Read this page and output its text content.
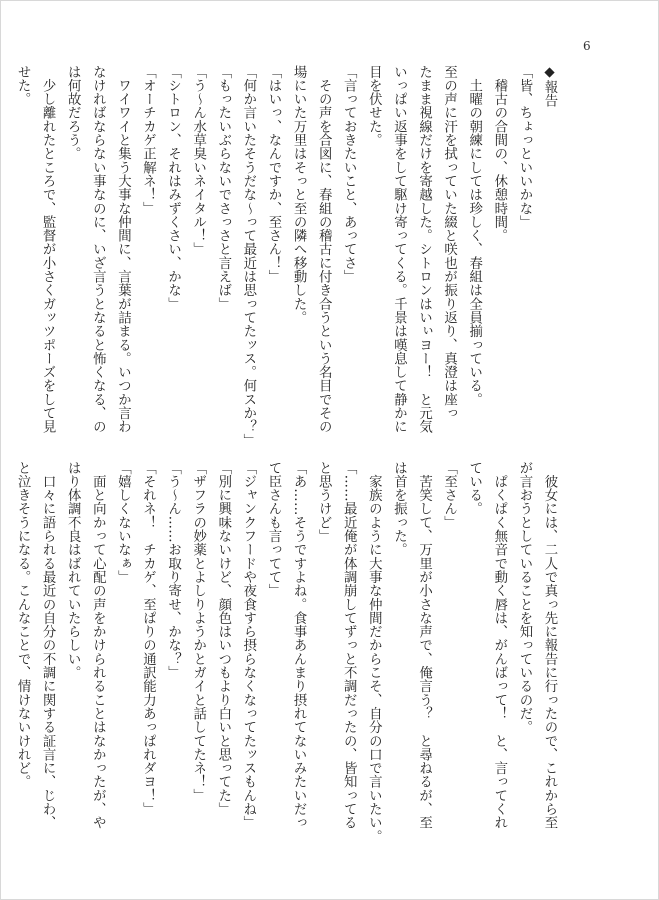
6
◆報告
「皆、ちょっといいかな」
　稽古の合間の、休憩時間。
　土曜の朝練にしては珍しく、春組は全員揃っている。
至の声に汗を拭っていた綴と咲也が振り返り、真澄は座っ
たまま視線だけを寄越した。シトロンはいぃヨー！　と元気
いっぱい返事をして駆け寄ってくる。千景は嘆息して静かに
目を伏せた。
「言っておきたいこと、あってさ」
　その声を合図に、春組の稽古に付き合うという名目でその
場にいた万里はそっと至の隣へ移動した。
「はいっ、なんですか、至さん！」
「何か言いたそうだな～って最近は思ってたッス。何スか？」
「もったいぶらないでさっさと言えば」
「う～ん水草臭いネイタル！」
「シトロン、それはみずくさい、かな」
「オーチカゲ正解ネ！」
　ワイワイと集う大事な仲間に、言葉が詰まる。いつか言わ
なければならない事なのに、いざ言うとなると怖くなる、の
は何故だろう。
　少し離れたところで、監督が小さくガッツポーズをして見
せた。
　彼女には、二人で真っ先に報告に行ったので、これから至
が言おうとしていることを知っているのだ。
　ぱくぱく無音で動く唇は、がんばって！　と、言ってくれ
ている。
「至さん」
　苦笑して、万里が小さな声で、俺言う？　と尋ねるが、至
は首を振った。
　家族のように大事な仲間だからこそ、自分の口で言いたい。
「……最近俺が体調崩してずっと不調だったの、皆知ってる
と思うけど」
「あ……そうですよね。食事あんまり摂れてないみたいだっ
て臣さんも言ってて」
「ジャンクフードや夜食すら摂らなくなってたッスもんね」
「別に興味ないけど、顔色はいつもより白いと思ってた」
「ザフラの妙薬とよしりようかとガイと話してたネ！」
「う～ん……お取り寄せ、かな？」
「それネ！　チカゲ、至ぱりの通訳能力あっぱれダヨ！」
「嬉しくないなぁ」
　面と向かって心配の声をかけられることはなかったが、や
はり体調不良はばれていたらしい。
　口々に語られる最近の自分の不調に関する証言に、じわ、
と泣きそうになる。こんなことで、情けないけれど。
